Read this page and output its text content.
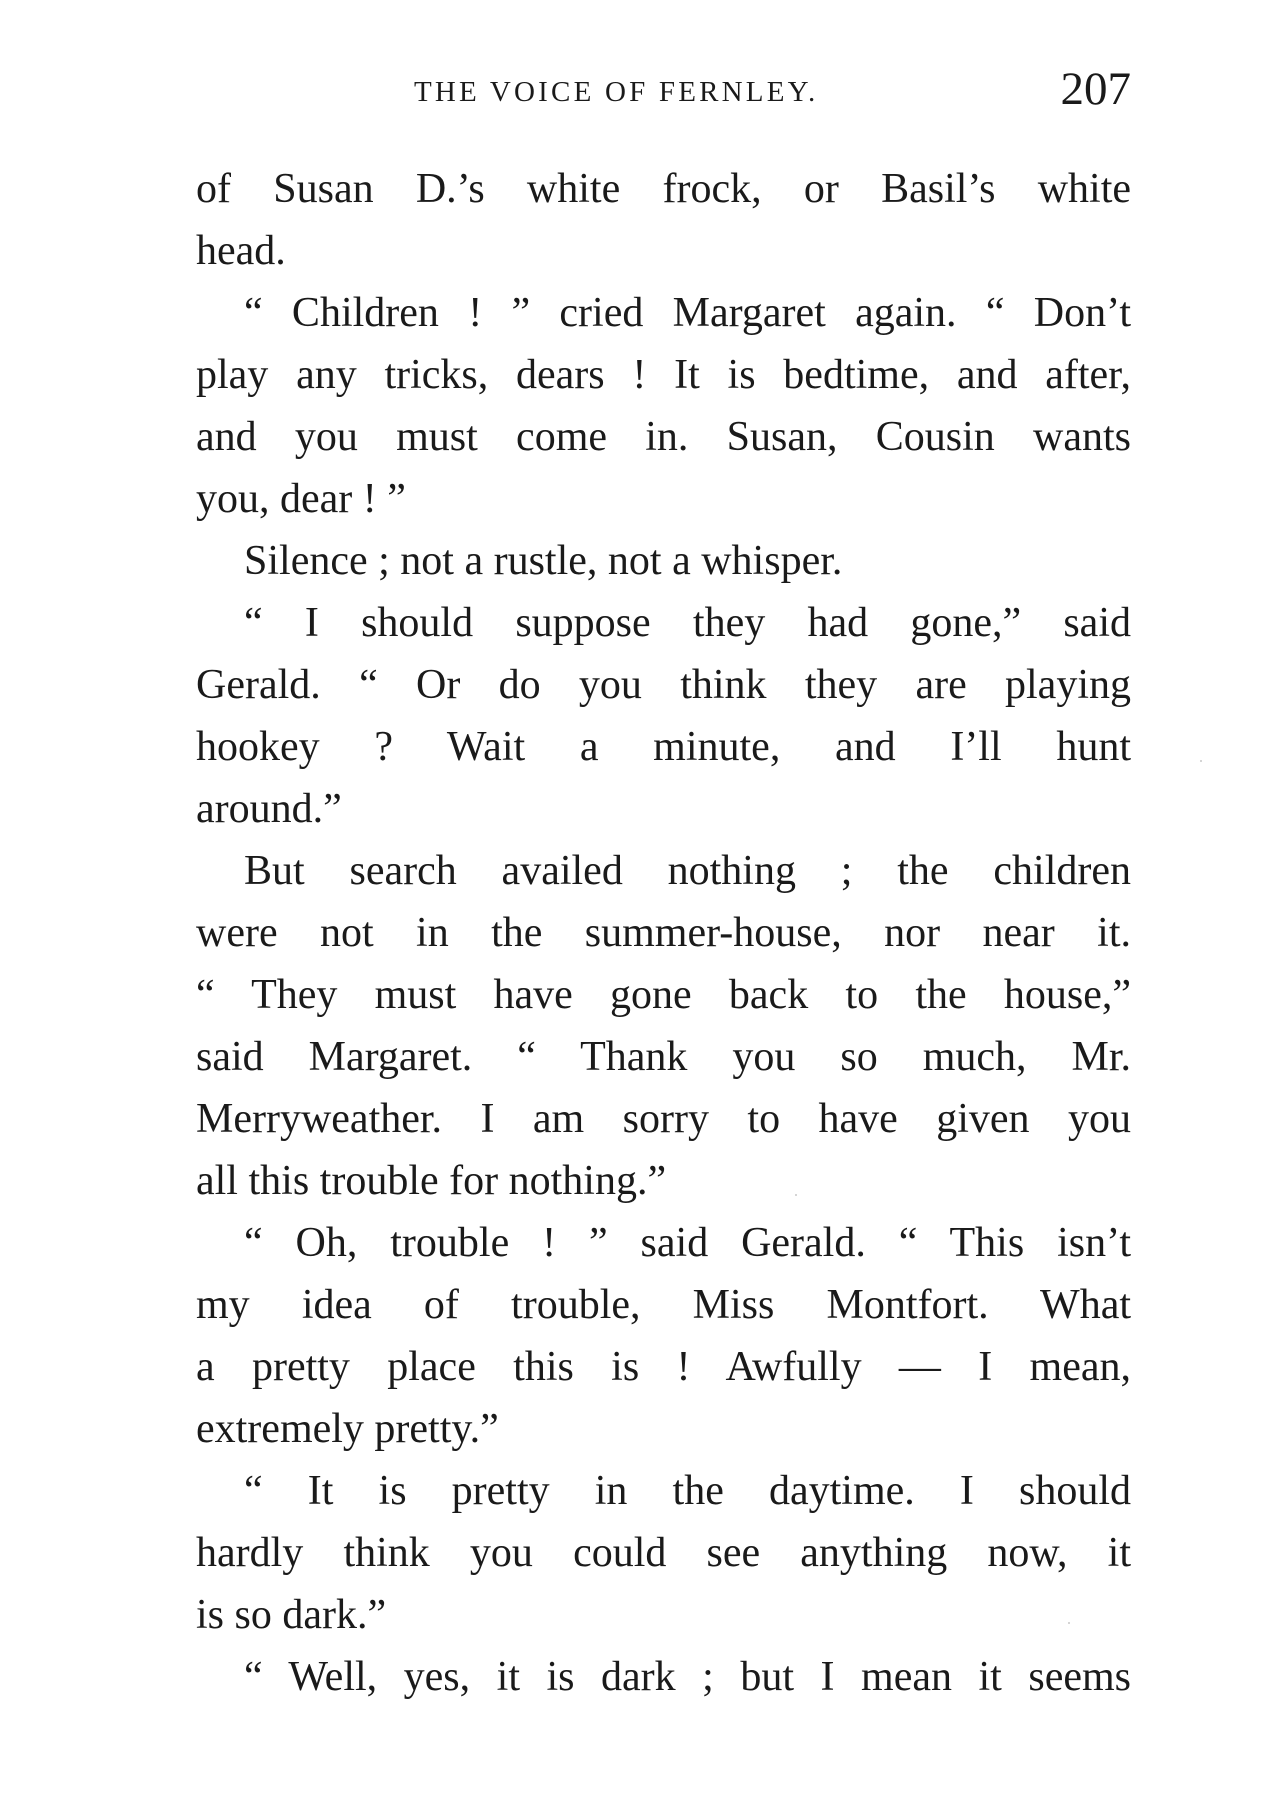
THE VOICE OF FERNLEY.	207
of Susan D.’s white frock, or Basil’s white
head.
“ Children ! ” cried Margaret again. “ Don’t
play any tricks, dears ! It is bedtime, and after,
and you must come in. Susan, Cousin wants
you, dear ! ”
Silence ; not a rustle, not a whisper.
“ I should suppose they had gone,” said
Gerald. “ Or do you think they are playing
hookey ? Wait a minute, and I’ll hunt
around.”
But search availed nothing ; the children
were not in the summer-house, nor near it.
“ They must have gone back to the house,”
said Margaret. “ Thank you so much, Mr.
Merryweather. I am sorry to have given you
all this trouble for nothing.”
“ Oh, trouble ! ” said Gerald. “ This isn’t
my idea of trouble, Miss Montfort. What
a pretty place this is ! Awfully — I mean,
extremely pretty.”
“ It is pretty in the daytime. I should
hardly think you could see anything now, it
is so dark.”
“ Well, yes, it is dark ; but I mean it seems
